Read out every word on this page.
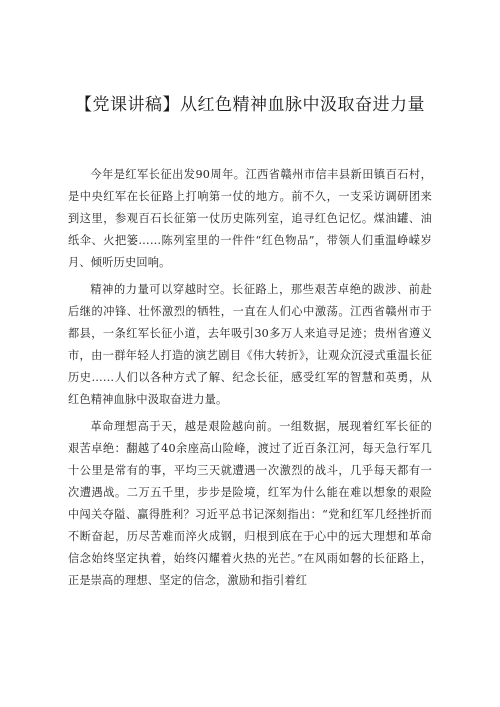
【党课讲稿】从红色精神血脉中汲取奋进力量

今年是红军长征出发90周年。江西省赣州市信丰县新田镇百石村，是中央红军在长征路上打响第一仗的地方。前不久，一支采访调研团来到这里，参观百石长征第一仗历史陈列室，追寻红色记忆。煤油罐、油纸伞、火把篓……陈列室里的一件件“红色物品”，带领人们重温峥嵘岁月、倾听历史回响。

精神的力量可以穿越时空。长征路上，那些艰苦卓绝的跋涉、前赴后继的冲锋、壮怀激烈的牺牲，一直在人们心中激荡。江西省赣州市于都县，一条红军长征小道，去年吸引30多万人来追寻足迹；贵州省遵义市，由一群年轻人打造的演艺剧目《伟大转折》，让观众沉浸式重温长征历史……人们以各种方式了解、纪念长征，感受红军的智慧和英勇，从红色精神血脉中汲取奋进力量。

革命理想高于天，越是艰险越向前。一组数据，展现着红军长征的艰苦卓绝：翻越了40余座高山险峰，渡过了近百条江河，每天急行军几十公里是常有的事，平均三天就遭遇一次激烈的战斗，几乎每天都有一次遭遇战。二万五千里，步步是险境，红军为什么能在难以想象的艰险中闯关夺隘、赢得胜利？习近平总书记深刻指出：“党和红军几经挫折而不断奋起，历尽苦难而淬火成钢，归根到底在于心中的远大理想和革命信念始终坚定执着，始终闪耀着火热的光芒。”在风雨如磐的长征路上，正是崇高的理想、坚定的信念，激励和指引着红
